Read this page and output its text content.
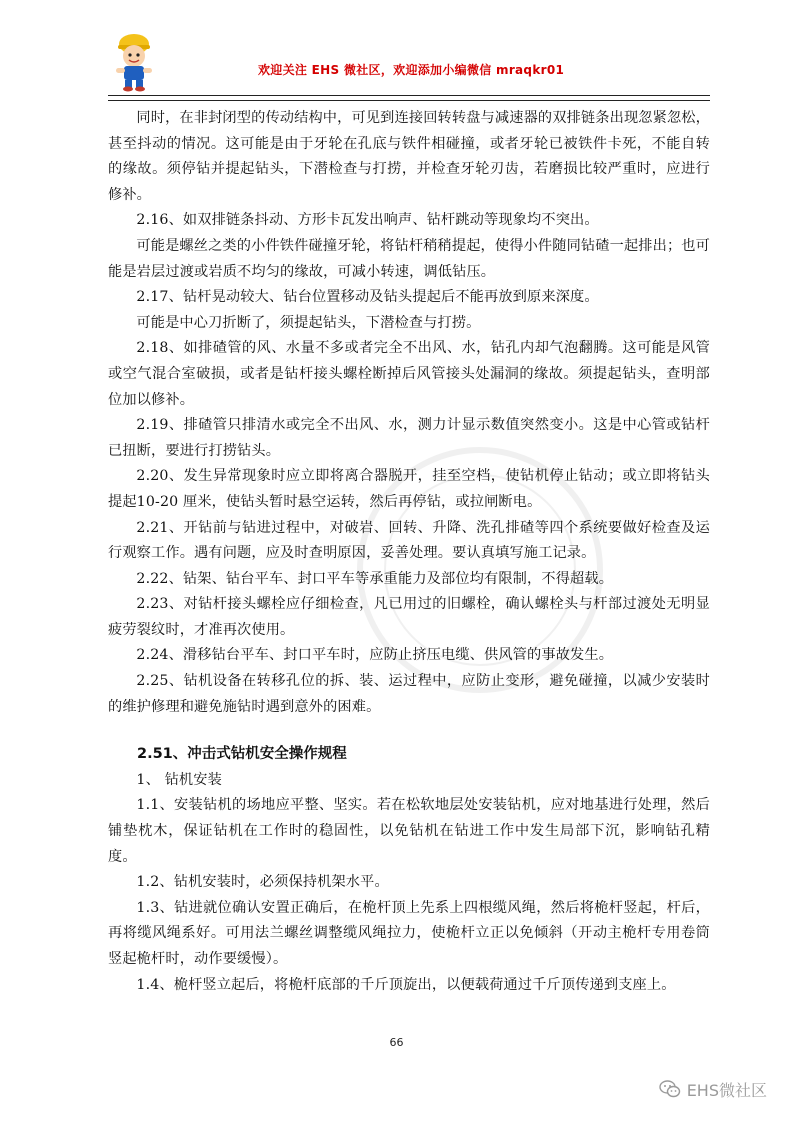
欢迎关注 EHS 微社区，欢迎添加小编微信 mraqkr01

同时，在非封闭型的传动结构中，可见到连接回转转盘与减速器的双排链条出现忽紧忽松，甚至抖动的情况。这可能是由于牙轮在孔底与铁件相碰撞，或者牙轮已被铁件卡死，不能自转的缘故。须停钻并提起钻头，下潜检查与打捞，并检查牙轮刃齿，若磨损比较严重时，应进行修补。

2.16、如双排链条抖动、方形卡瓦发出响声、钻杆跳动等现象均不突出。

可能是螺丝之类的小件铁件碰撞牙轮，将钻杆稍稍提起，使得小件随同钻碴一起排出；也可能是岩层过渡或岩质不均匀的缘故，可减小转速，调低钻压。

2.17、钻杆晃动较大、钻台位置移动及钻头提起后不能再放到原来深度。

可能是中心刀折断了，须提起钻头，下潜检查与打捞。

2.18、如排碴管的风、水量不多或者完全不出风、水，钻孔内却气泡翻腾。这可能是风管或空气混合室破损，或者是钻杆接头螺栓断掉后风管接头处漏洞的缘故。须提起钻头，查明部位加以修补。

2.19、排碴管只排清水或完全不出风、水，测力计显示数值突然变小。这是中心管或钻杆已扭断，要进行打捞钻头。

2.20、发生异常现象时应立即将离合器脱开，挂至空档，使钻机停止钻动；或立即将钻头提起10-20 厘米，使钻头暂时悬空运转，然后再停钻，或拉闸断电。

2.21、开钻前与钻进过程中，对破岩、回转、升降、洗孔排碴等四个系统要做好检查及运行观察工作。遇有问题，应及时查明原因，妥善处理。要认真填写施工记录。

2.22、钻架、钻台平车、封口平车等承重能力及部位均有限制，不得超载。

2.23、对钻杆接头螺栓应仔细检查，凡已用过的旧螺栓，确认螺栓头与杆部过渡处无明显疲劳裂纹时，才准再次使用。

2.24、滑移钻台平车、封口平车时，应防止挤压电缆、供风管的事故发生。

2.25、钻机设备在转移孔位的拆、装、运过程中，应防止变形，避免碰撞，以减少安装时的维护修理和避免施钻时遇到意外的困难。

2.51、冲击式钻机安全操作规程

1、 钻机安装

1.1、安装钻机的场地应平整、坚实。若在松软地层处安装钻机，应对地基进行处理，然后铺垫枕木，保证钻机在工作时的稳固性，以免钻机在钻进工作中发生局部下沉，影响钻孔精度。

1.2、钻机安装时，必须保持机架水平。

1.3、钻进就位确认安置正确后，在桅杆顶上先系上四根缆风绳，然后将桅杆竖起，杆后，再将缆风绳系好。可用法兰螺丝调整缆风绳拉力，使桅杆立正以免倾斜（开动主桅杆专用卷筒竖起桅杆时，动作要缓慢）。

1.4、桅杆竖立起后，将桅杆底部的千斤顶旋出，以便载荷通过千斤顶传递到支座上。

66
EHS微社区
